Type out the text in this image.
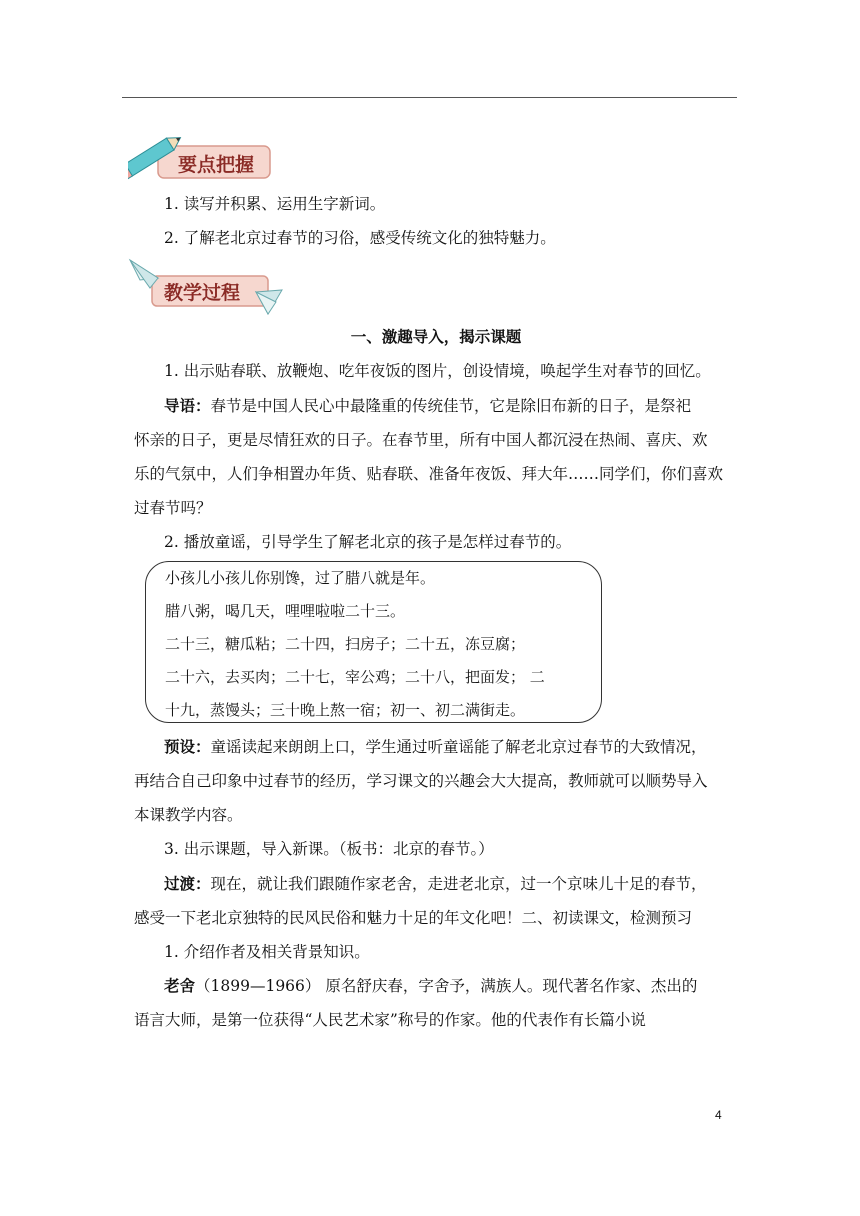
要点把握

1. 读写并积累、运用生字新词。

2. 了解老北京过春节的习俗，感受传统文化的独特魅力。

教学过程

一、激趣导入，揭示课题

1. 出示贴春联、放鞭炮、吃年夜饭的图片，创设情境，唤起学生对春节的回忆。

导语：春节是中国人民心中最隆重的传统佳节，它是除旧布新的日子，是祭祀

怀亲的日子，更是尽情狂欢的日子。在春节里，所有中国人都沉浸在热闹、喜庆、欢

乐的气氛中，人们争相置办年货、贴春联、准备年夜饭、拜大年……同学们，你们喜欢

过春节吗？

2. 播放童谣，引导学生了解老北京的孩子是怎样过春节的。

小孩儿小孩儿你别馋，过了腊八就是年。

腊八粥，喝几天，哩哩啦啦二十三。

二十三，糖瓜粘；二十四，扫房子；二十五，冻豆腐；

二十六，去买肉；二十七，宰公鸡；二十八，把面发； 二

十九，蒸馒头；三十晚上熬一宿；初一、初二满街走。

预设：童谣读起来朗朗上口，学生通过听童谣能了解老北京过春节的大致情况，

再结合自己印象中过春节的经历，学习课文的兴趣会大大提高，教师就可以顺势导入

本课教学内容。

3. 出示课题，导入新课。（板书：北京的春节。）

过渡：现在，就让我们跟随作家老舍，走进老北京，过一个京味儿十足的春节，

感受一下老北京独特的民风民俗和魅力十足的年文化吧！二、初读课文，检测预习

1. 介绍作者及相关背景知识。

老舍（1899—1966） 原名舒庆春，字舍予，满族人。现代著名作家、杰出的

语言大师，是第一位获得“人民艺术家”称号的作家。他的代表作有长篇小说

4
